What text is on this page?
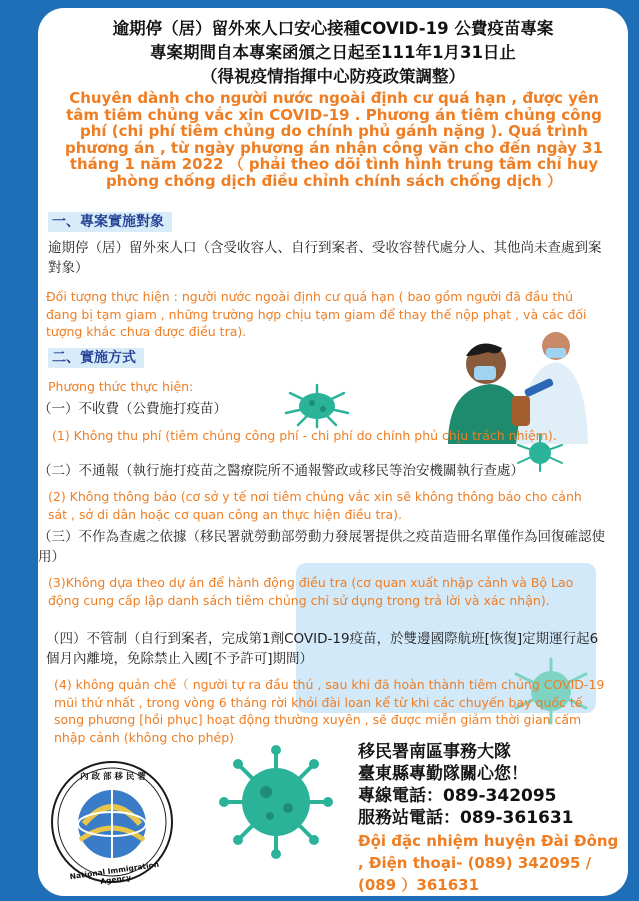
逾期停（居）留外來人口安心接種COVID-19 公費疫苗專案
專案期間自本專案函頒之日起至111年1月31日止
（得視疫情指揮中心防疫政策調整）
Chuyên dành cho người nước ngoài định cư quá hạn , được yên tâm tiêm chủng vắc xin COVID-19 . Phương án tiêm chủng công phí (chi phí tiêm chủng do chính phủ gánh nặng ). Quá trình phương án , từ ngày phương án nhận công văn cho đến ngày 31 tháng 1 năm 2022 （ phải theo dõi tình hình trung tâm chỉ huy phòng chống dịch điều chỉnh chính sách chống dịch ）
一、專案實施對象
逾期停（居）留外來人口（含受收容人、自行到案者、受收容替代處分人、其他尚未查處到案對象）
Đối tượng thực hiện : người nước ngoài định cư quá hạn ( bao gồm người đã đầu thú đang bị tạm giam , những trường hợp chịu tạm giam để thay thế nộp phạt , và các đối tượng khác chưa được điều tra).
二、實施方式
Phương thức thực hiện:
（一）不收費（公費施打疫苗）
(1) Không thu phí (tiêm chủng công phí - chi phí do chính phủ chịu trách nhiệm).
（二）不通報（執行施打疫苗之醫療院所不通報警政或移民等治安機關執行查處）
(2) Không thông báo (cơ sở y tế nơi tiêm chủng vắc xin sẽ không thông báo cho cảnh sát , sở di dân hoặc cơ quan công an thực hiện điều tra).
（三）不作為查處之依據（移民署就勞動部勞動力發展署提供之疫苗造冊名單僅作為回復確認使用）
(3)Không dựa theo dự án để hành động điều tra (cơ quan xuất nhập cảnh và Bộ Lao động cung cấp lập danh sách tiêm chủng chỉ sử dụng trong trả lời và xác nhận).
（四）不管制（自行到案者，完成第1劑COVID-19疫苗，於雙邊國際航班[恢復]定期運行起6個月內離境，免除禁止入國[不予許可]期間）
(4) không quản chế（ người tự ra đầu thú , sau khi đã hoàn thành tiêm chủng COVID-19 mũi thứ nhất , trong vòng 6 tháng rời khỏi đài loan kể từ khi các chuyến bay quốc tế song phương [hồi phục] hoạt động thường xuyên , sẽ được miễn giảm thời gian cấm nhập cảnh (không cho phép)
內 政 部 移 民 署
National Immigration Agency
移民署南區事務大隊
臺東縣專勤隊關心您！
專線電話：089-342095
服務站電話：089-361631
Đội đặc nhiệm huyện Đài Đông , Điện thoại- (089) 342095 / (089 ）361631
